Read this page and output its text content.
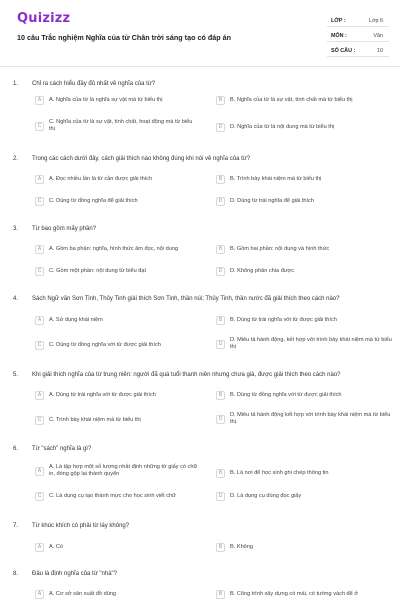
Quizizz
10 câu Trắc nghiệm Nghĩa của từ Chân trời sáng tạo có đáp án
LỚP :	Lớp 6
MÔN :	Văn
SỐ CÂU :	10
1. Chỉ ra cách hiểu đầy đủ nhất về nghĩa của từ?
A	A. Nghĩa của từ là nghĩa sự vật mà từ biểu thị	B	B. Nghĩa của từ là sự vật, tính chất mà từ biểu thị
C
C. Nghĩa của từ là sự vật, tính chất, hoạt động mà từ biểu thị	D	D. Nghĩa của từ là nội dung mà từ biểu thị
2. Trong các cách dưới đây, cách giải thích nào không đúng khi nói về nghĩa của từ?
A	A. Đọc nhiều lần là từ cần được giải thích	B	B. Trình bày khái niệm mà từ biểu thị
C	C. Dùng từ đồng nghĩa để giải thích	D	D. Dùng từ trái nghĩa để giải thích
3. Từ bao gồm mấy phần?
A	A. Gồm ba phần: nghĩa, hình thức âm đọc, nội dung	B	B. Gồm hai phần: nội dung và hình thức
C	C. Gồm một phần: nội dung từ biểu đạt	D	D. Không phân chia được
4. Sách Ngữ văn Sơn Tinh, Thủy Tinh giải thích Sơn Tinh, thần núi; Thủy Tinh, thần nước đã giải thích theo cách nào?
A	A. Sử dụng khái niệm	B	B. Dùng từ trái nghĩa với từ được giải thích
C	C. Dùng từ đồng nghĩa với từ được giải thích	D
D. Miêu tả hành động, kết hợp với trình bày khái niệm mà từ biểu thị
5. Khi giải thích nghĩa của từ trung niên: người đã quá tuổi thanh niên nhưng chưa già, được giải thích theo cách nào?
A	A. Dùng từ trái nghĩa với từ được giải thích	B	B. Dùng từ đồng nghĩa với từ được giải thích
C	C. Trình bày khái niệm mà từ biểu thị	D
D. Miêu tả hành động kết hợp với trình bày khái niệm mà từ biểu thị.
6. Từ "sách" nghĩa là gì?
A
A. Là tập hợp một số lượng nhất định những tờ giấy có chữ in, đóng gộp lại thành quyển	B	B. Là nơi để học sinh ghi chép thông tin
C	C. Là dụng cụ tạo thành mực cho học sinh viết chữ	D	D. Là dụng cụ dùng đọc giấy
7. Từ khúc khích có phải từ láy không?
A	A. Có	B	B. Không
8. Đâu là định nghĩa của từ "nhà"?
A	A. Cơ sở sản xuất đồ dùng	B	B. Công trình xây dựng có mái, có tường vách để ở
